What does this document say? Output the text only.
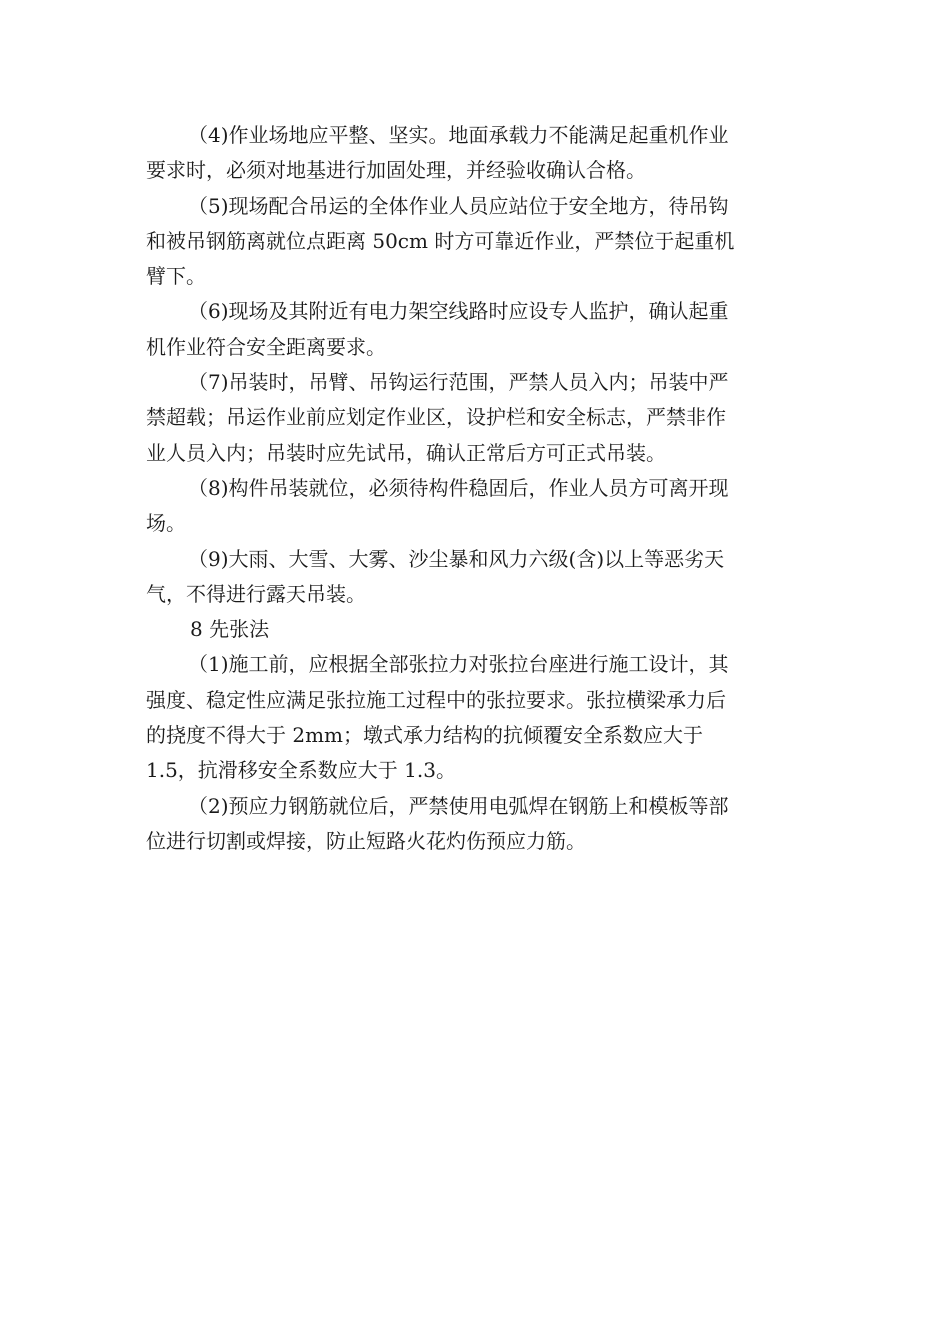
（4)作业场地应平整、坚实。地面承载力不能满足起重机作业
要求时，必须对地基进行加固处理，并经验收确认合格。

（5)现场配合吊运的全体作业人员应站位于安全地方，待吊钩
和被吊钢筋离就位点距离 50cm 时方可靠近作业，严禁位于起重机
臂下。

（6)现场及其附近有电力架空线路时应设专人监护，确认起重
机作业符合安全距离要求。

（7)吊装时，吊臂、吊钩运行范围，严禁人员入内；吊装中严
禁超载；吊运作业前应划定作业区，设护栏和安全标志，严禁非作
业人员入内；吊装时应先试吊，确认正常后方可正式吊装。

（8)构件吊装就位，必须待构件稳固后，作业人员方可离开现
场。

（9)大雨、大雪、大雾、沙尘暴和风力六级(含)以上等恶劣天
气，不得进行露天吊装。

8 先张法

（1)施工前，应根据全部张拉力对张拉台座进行施工设计，其
强度、稳定性应满足张拉施工过程中的张拉要求。张拉横梁承力后
的挠度不得大于 2mm；墩式承力结构的抗倾覆安全系数应大于
1.5，抗滑移安全系数应大于 1.3。

（2)预应力钢筋就位后，严禁使用电弧焊在钢筋上和模板等部
位进行切割或焊接，防止短路火花灼伤预应力筋。
